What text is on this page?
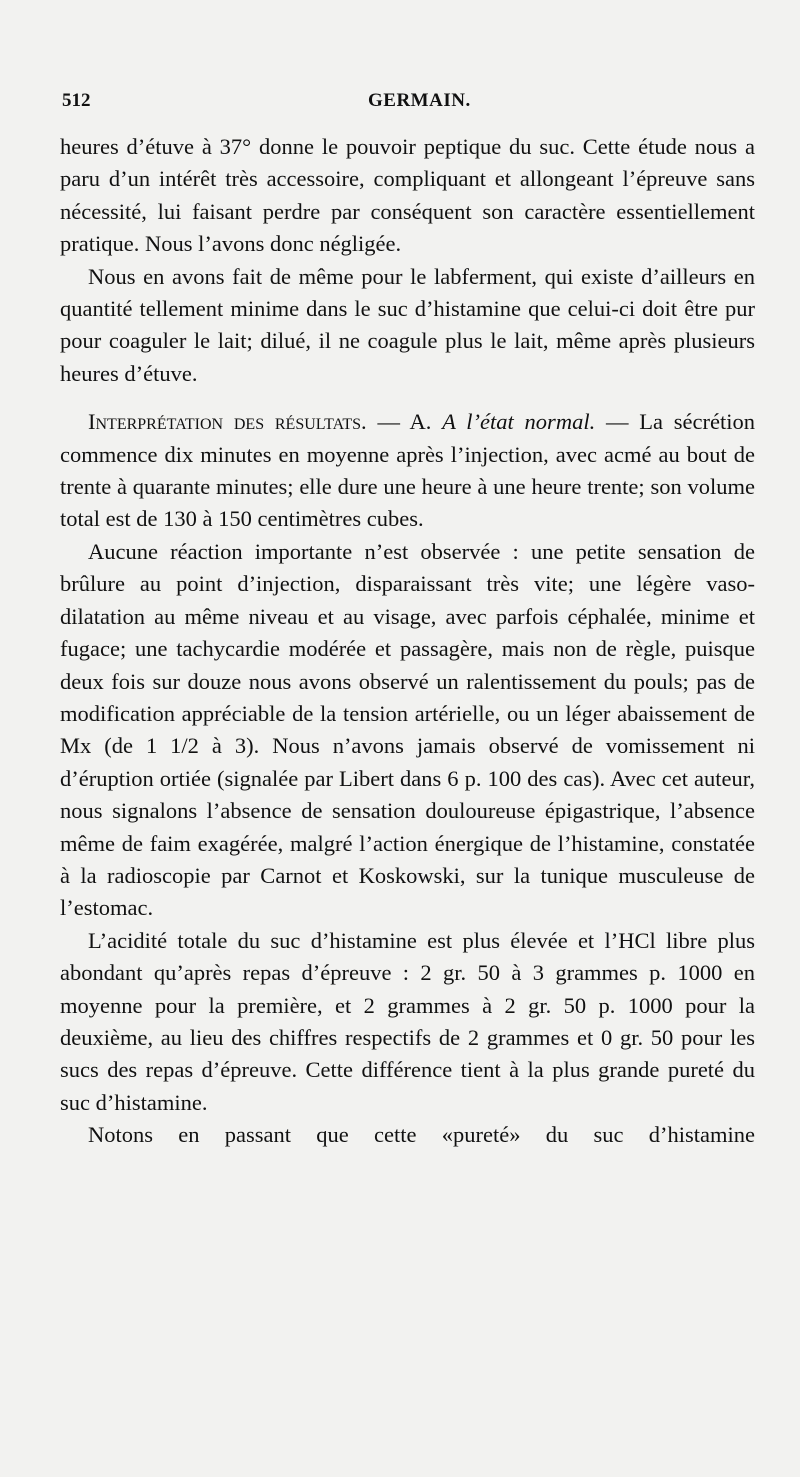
512	GERMAIN.

heures d’étuve à 37° donne le pouvoir peptique du suc. Cette étude nous a paru d’un intérêt très accessoire, compliquant et allongeant l’épreuve sans nécessité, lui faisant perdre par conséquent son caractère essentiellement pratique. Nous l’avons donc négligée.

Nous en avons fait de même pour le labferment, qui existe d’ailleurs en quantité tellement minime dans le suc d’histamine que celui-ci doit être pur pour coaguler le lait; dilué, il ne coagule plus le lait, même après plusieurs heures d’étuve.

Interprétation des résultats. — A. A l’état normal. — La sécrétion commence dix minutes en moyenne après l’injection, avec acmé au bout de trente à quarante minutes; elle dure une heure à une heure trente; son volume total est de 130 à 150 centimètres cubes.

Aucune réaction importante n’est observée : une petite sensation de brûlure au point d’injection, disparaissant très vite; une légère vaso-dilatation au même niveau et au visage, avec parfois céphalée, minime et fugace; une tachycardie modérée et passagère, mais non de règle, puisque deux fois sur douze nous avons observé un ralentissement du pouls; pas de modification appréciable de la tension artérielle, ou un léger abaissement de Mx (de 1 1/2 à 3). Nous n’avons jamais observé de vomissement ni d’éruption ortiée (signalée par Libert dans 6 p. 100 des cas). Avec cet auteur, nous signalons l’absence de sensation douloureuse épigastrique, l’absence même de faim exagérée, malgré l’action énergique de l’histamine, constatée à la radioscopie par Carnot et Koskowski, sur la tunique musculeuse de l’estomac.

L’acidité totale du suc d’histamine est plus élevée et l’HCl libre plus abondant qu’après repas d’épreuve : 2 gr. 50 à 3 grammes p. 1000 en moyenne pour la première, et 2 grammes à 2 gr. 50 p. 1000 pour la deuxième, au lieu des chiffres respectifs de 2 grammes et 0 gr. 50 pour les sucs des repas d’épreuve. Cette différence tient à la plus grande pureté du suc d’histamine.

Notons en passant que cette «pureté» du suc d’histamine
